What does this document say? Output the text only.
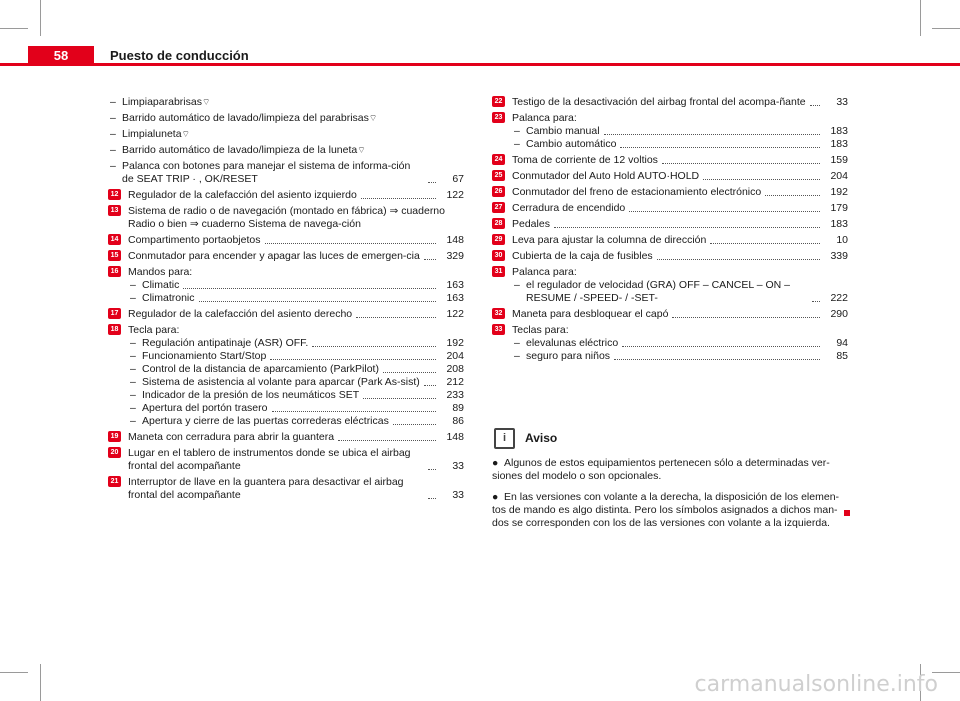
58	Puesto de conducción
– Limpiaparabrisas ⌔
– Barrido automático de lavado/limpieza del parabrisas ⌔
– Limpialuneta ⌔
– Barrido automático de lavado/limpieza de la luneta ⌔
– Palanca con botones para manejar el sistema de informa-ción de SEAT TRIP · , OK/RESET	67
12 Regulador de la calefacción del asiento izquierdo	122
13 Sistema de radio o de navegación (montado en fábrica) ⇒ cuaderno Radio o bien ⇒ cuaderno Sistema de navega-ción
14 Compartimento portaobjetos	148
15 Conmutador para encender y apagar las luces de emergen-cia	329
16 Mandos para:
– Climatic	163
– Climatronic	163
17 Regulador de la calefacción del asiento derecho	122
18 Tecla para:
– Regulación antipatinaje (ASR) OFF.	192
– Funcionamiento Start/Stop	204
– Control de la distancia de aparcamiento (ParkPilot)	208
– Sistema de asistencia al volante para aparcar (Park As-sist)	212
– Indicador de la presión de los neumáticos SET	233
– Apertura del portón trasero	89
– Apertura y cierre de las puertas correderas eléctricas	86
19 Maneta con cerradura para abrir la guantera	148
20 Lugar en el tablero de instrumentos donde se ubica el airbag frontal del acompañante	33
21 Interruptor de llave en la guantera para desactivar el airbag frontal del acompañante	33
22 Testigo de la desactivación del airbag frontal del acompa-ñante	33
23 Palanca para:
– Cambio manual	183
– Cambio automático	183
24 Toma de corriente de 12 voltios	159
25 Conmutador del Auto Hold AUTO·HOLD	204
26 Conmutador del freno de estacionamiento electrónico	192
27 Cerradura de encendido	179
28 Pedales	183
29 Leva para ajustar la columna de dirección	10
30 Cubierta de la caja de fusibles	339
31 Palanca para:
– el regulador de velocidad (GRA) OFF – CANCEL – ON – RESUME / -SPEED- / -SET-	222
32 Maneta para desbloquear el capó	290
33 Teclas para:
– elevalunas eléctrico	94
– seguro para niños	85
i	Aviso
● Algunos de estos equipamientos pertenecen sólo a determinadas ver-siones del modelo o son opcionales.
● En las versiones con volante a la derecha, la disposición de los elemen-tos de mando es algo distinta. Pero los símbolos asignados a dichos man-dos se corresponden con los de las versiones con volante a la izquierda.
carmanualsonline.info
